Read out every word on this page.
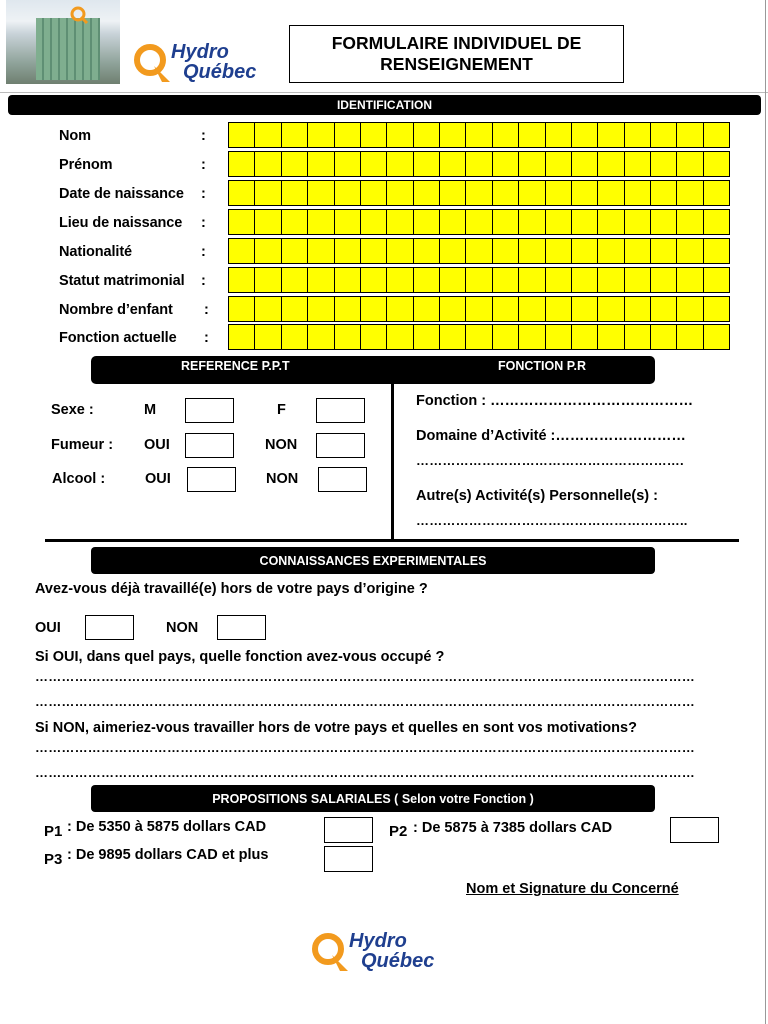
Hydro
Québec
FORMULAIRE INDIVIDUEL DE
RENSEIGNEMENT
IDENTIFICATION
Nom	:
Prénom	:
Date de naissance :
Lieu de naissance :
Nationalité	:
Statut matrimonial :
Nombre d’enfant :
Fonction actuelle :
REFERENCE P.P.T	FONCTION P.R
Sexe :	M	F
Fumeur : OUI	NON
Alcool :	OUI	NON
Fonction : ……………………………………
Domaine d’Activité :………………………
…………………………………………………….
Autre(s) Activité(s) Personnelle(s) :
……………………………………………………..
CONNAISSANCES EXPERIMENTALES
Avez-vous déjà travaillé(e) hors de votre pays d’origine ?
OUI	NON
Si OUI, dans quel pays, quelle fonction avez-vous occupé ?
……………………………………………………………………………………………………………………………………
……………………………………………………………………………………………………………………………………
Si NON, aimeriez-vous travailler hors de votre pays et quelles en sont vos motivations?
……………………………………………………………………………………………………………………………………
……………………………………………………………………………………………………………………………………
PROPOSITIONS SALARIALES ( Selon votre Fonction )
P1 : De 5350 à 5875 dollars CAD	P2 : De 5875 à 7385 dollars CAD
P3 : De 9895 dollars CAD et plus
Nom et Signature du Concerné
Hydro
Québec
